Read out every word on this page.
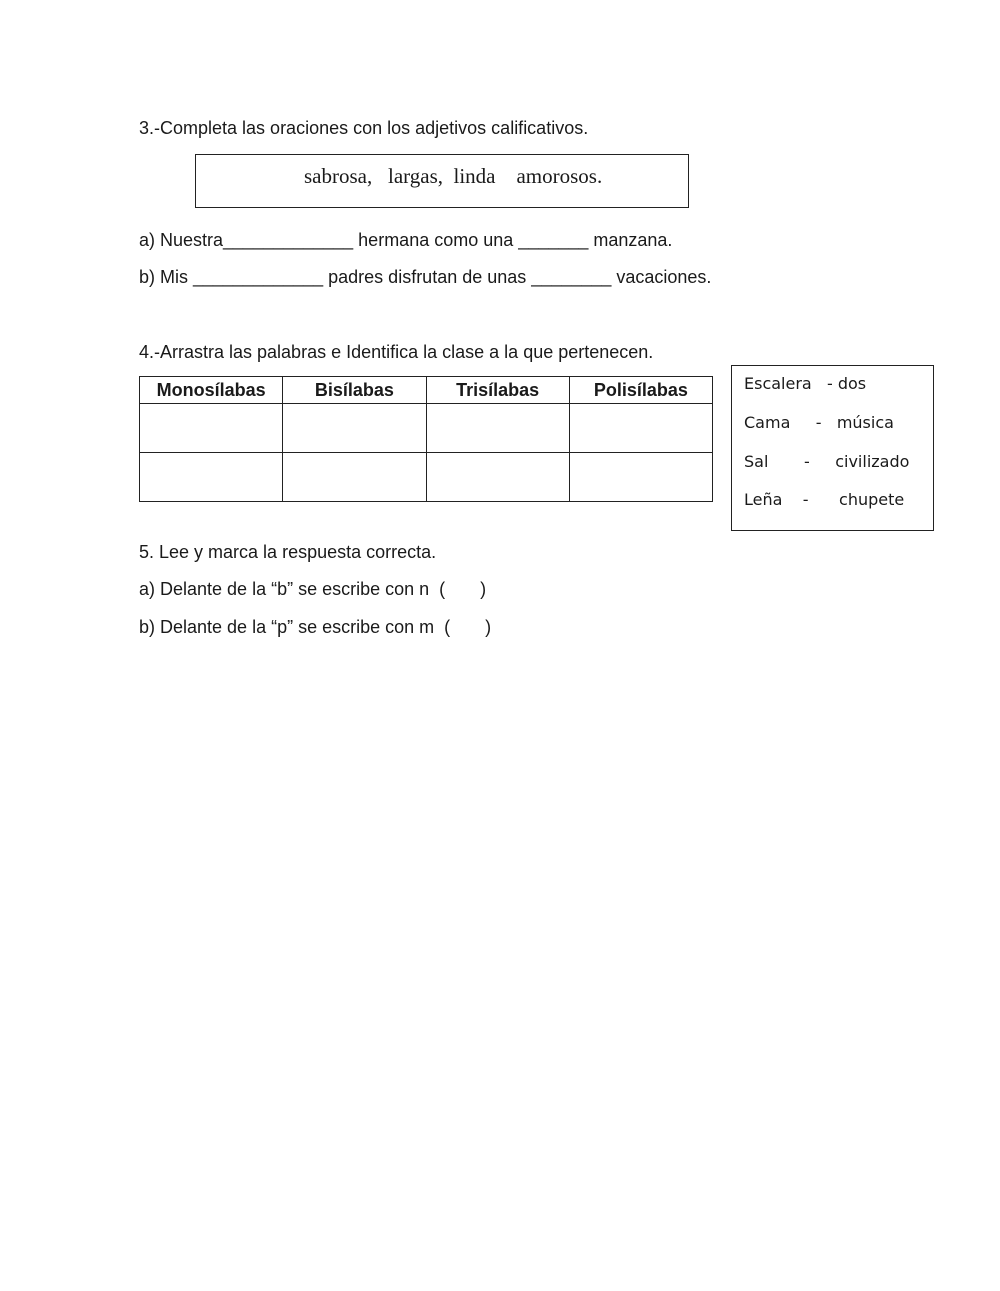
3.-Completa las oraciones con los adjetivos calificativos.
sabrosa,   largas,  linda    amorosos.
a) Nuestra_____________ hermana como una _______ manzana.
b) Mis _____________ padres disfrutan de unas ________ vacaciones.
4.-Arrastra las palabras e Identifica la clase a la que pertenecen.
Monosílabas	Bisílabas	Trisílabas	Polisílabas

				Escalera   - dos
Cama     -   música
Sal       -     civilizado
Leña    -      chupete
5. Lee y marca la respuesta correcta.
a) Delante de la “b” se escribe con n  (       )
b) Delante de la “p” se escribe con m  (       )
